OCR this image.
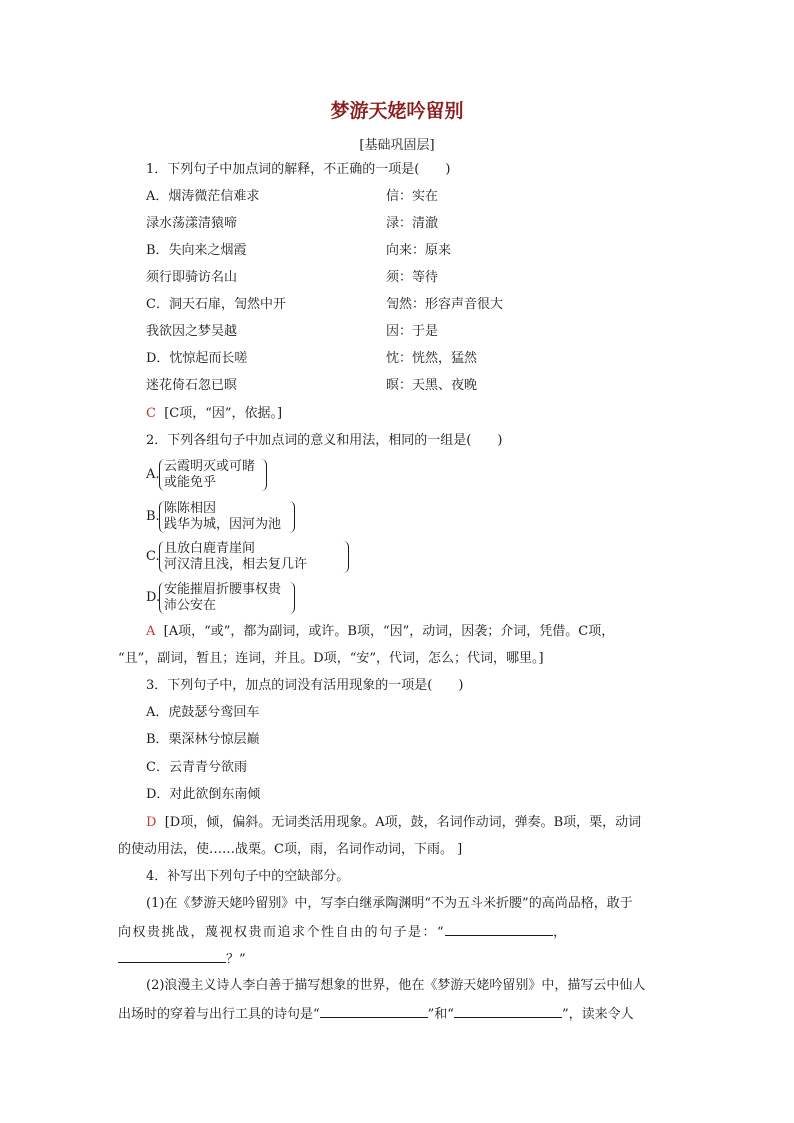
梦游天姥吟留别
[基础巩固层]
1．下列句子中加点词的解释，不正确的一项是(　　)
A．烟涛微茫信难求	信：实在
渌水荡漾清猿啼	渌：清澈
B．失向来之烟霞	向来：原来
须行即骑访名山	须：等待
C．洞天石扉，訇然中开	訇然：形容声音很大
我欲因之梦吴越	因：于是
D．忱惊起而长嗟	忱：恍然，猛然
迷花倚石忽已暝	暝：天黑、夜晚
C [C项，“因”，依据。]
2．下列各组句子中加点词的意义和用法，相同的一组是(　　)
A.
云霞明灭或可睹
或能免乎
B.
陈陈相因
践华为城，因河为池
C.
且放白鹿青崖间
河汉清且浅，相去复几许
D.
安能摧眉折腰事权贵
沛公安在
A [A项，“或”，都为副词，或许。B项，“因”，动词，因袭；介词，凭借。C项，
“且”，副词，暂且；连词，并且。D项，“安”，代词，怎么；代词，哪里。]
3．下列句子中，加点的词没有活用现象的一项是(　　)
A．虎鼓瑟兮鸾回车
B．栗深林兮惊层巅
C．云青青兮欲雨
D．对此欲倒东南倾
D [D项，倾，偏斜。无词类活用现象。A项，鼓，名词作动词，弹奏。B项，栗，动词
的使动用法，使……战栗。C项，雨，名词作动词，下雨。 ]
4．补写出下列句子中的空缺部分。
(1)在《梦游天姥吟留别》中，写李白继承陶渊明“不为五斗米折腰”的高尚品格，敢于
向权贵挑战，蔑视权贵而追求个性自由的句子是：“	，
？”
(2)浪漫主义诗人李白善于描写想象的世界，他在《梦游天姥吟留别》中，描写云中仙人
出场时的穿着与出行工具的诗句是“	”和“	”，读来令人
